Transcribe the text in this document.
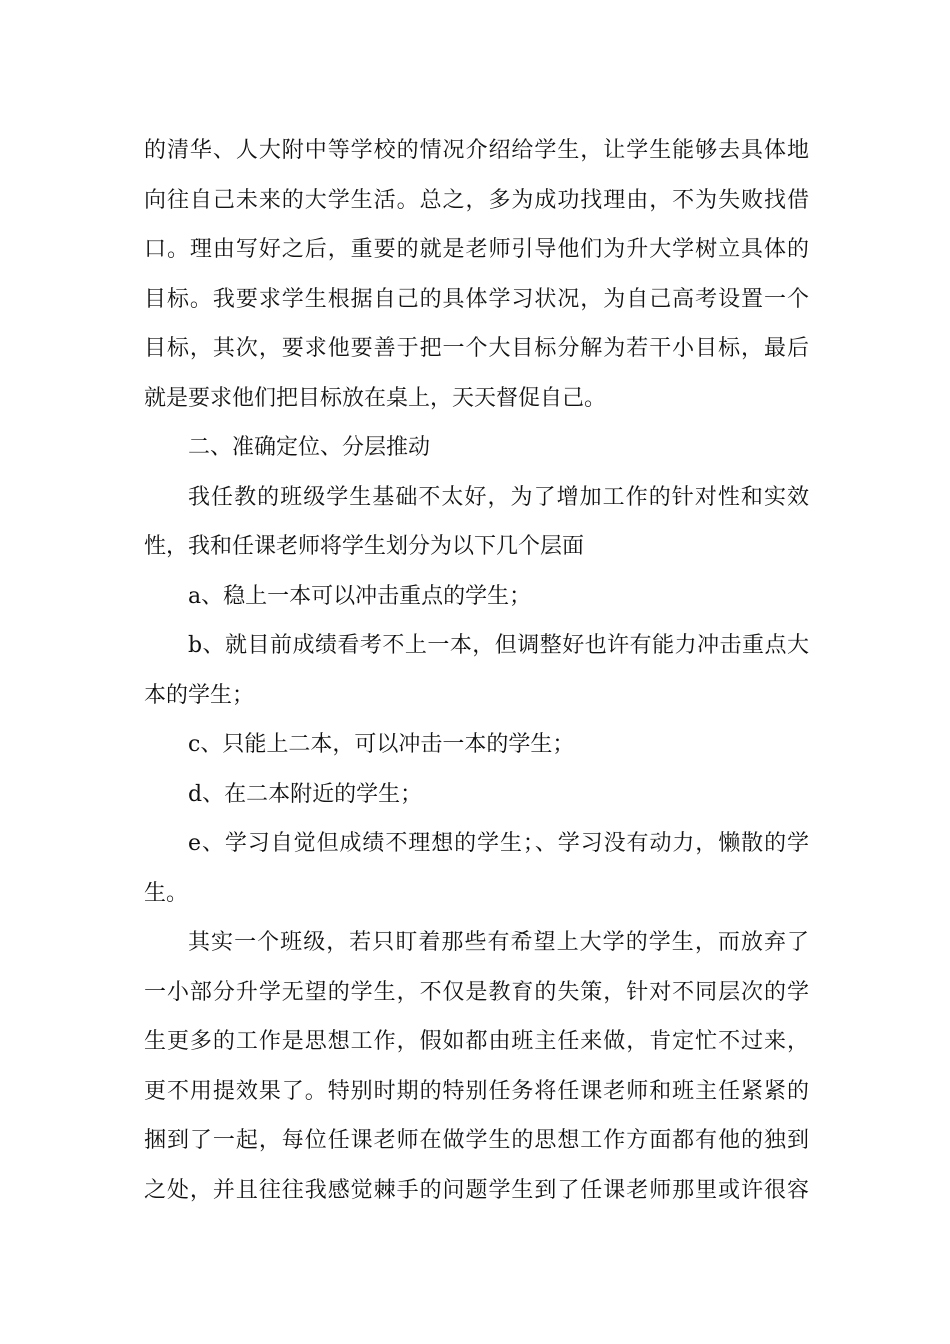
的清华、人大附中等学校的情况介绍给学生，让学生能够去具体地
向往自己未来的大学生活。总之，多为成功找理由，不为失败找借
口。理由写好之后，重要的就是老师引导他们为升大学树立具体的
目标。我要求学生根据自己的具体学习状况，为自己高考设置一个
目标，其次，要求他要善于把一个大目标分解为若干小目标，最后
就是要求他们把目标放在桌上，天天督促自己。
二、准确定位、分层推动
我任教的班级学生基础不太好，为了增加工作的针对性和实效
性，我和任课老师将学生划分为以下几个层面
a、稳上一本可以冲击重点的学生；
b、就目前成绩看考不上一本，但调整好也许有能力冲击重点大
本的学生；
c、只能上二本，可以冲击一本的学生；
d、在二本附近的学生；
e、学习自觉但成绩不理想的学生；、学习没有动力，懒散的学
生。
其实一个班级，若只盯着那些有希望上大学的学生，而放弃了
一小部分升学无望的学生，不仅是教育的失策，针对不同层次的学
生更多的工作是思想工作，假如都由班主任来做，肯定忙不过来，
更不用提效果了。特别时期的特别任务将任课老师和班主任紧紧的
捆到了一起，每位任课老师在做学生的思想工作方面都有他的独到
之处，并且往往我感觉棘手的问题学生到了任课老师那里或许很容
